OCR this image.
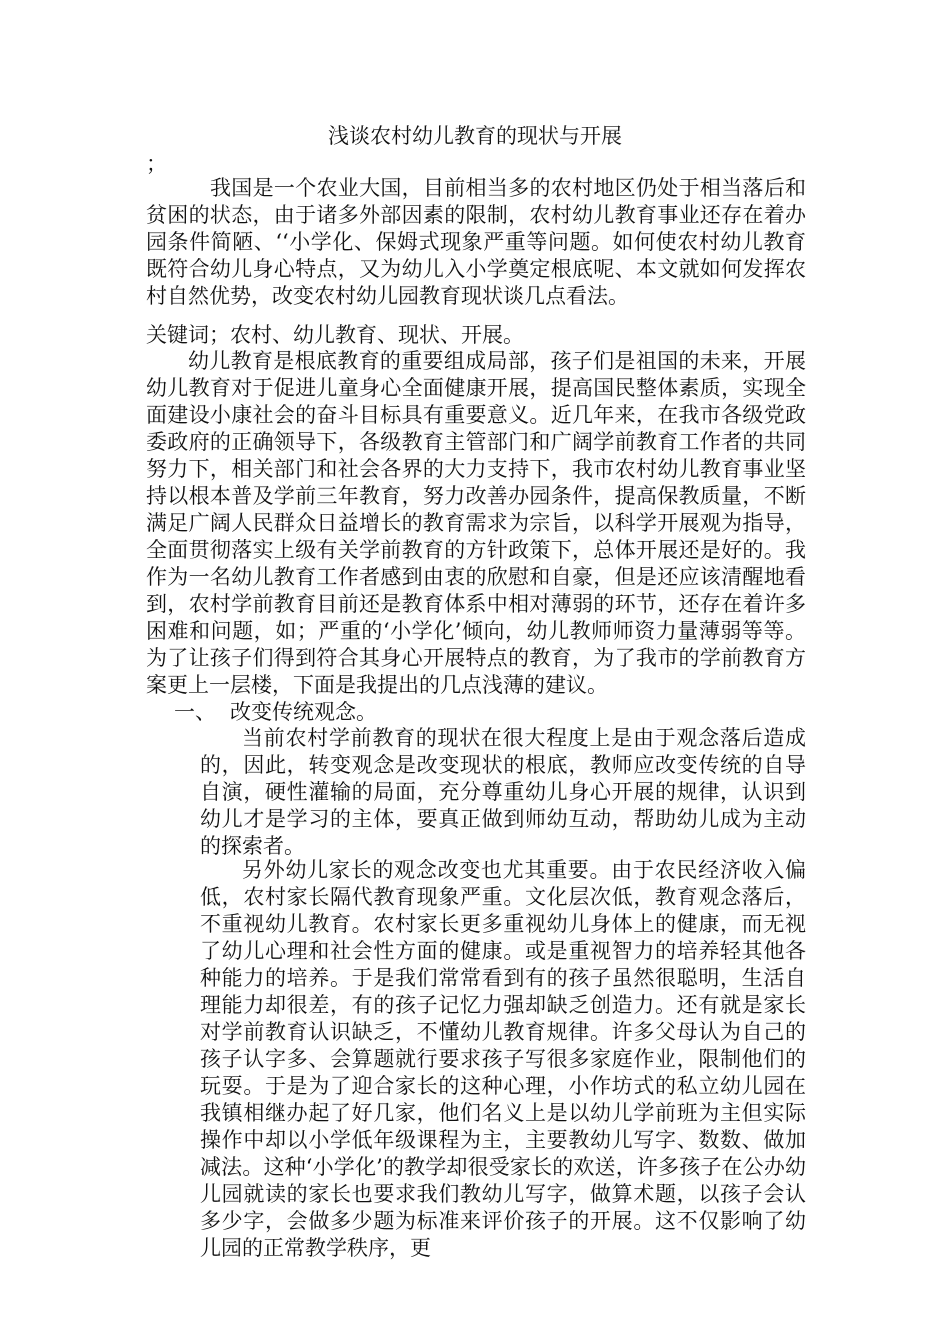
浅谈农村幼儿教育的现状与开展
；
我国是一个农业大国，目前相当多的农村地区仍处于相当落后和贫困的状态，由于诸多外部因素的限制，农村幼儿教育事业还存在着办园条件简陋、‘‘小学化、保姆式现象严重等问题。如何使农村幼儿教育既符合幼儿身心特点，又为幼儿入小学奠定根底呢、本文就如何发挥农村自然优势，改变农村幼儿园教育现状谈几点看法。
关键词；农村、幼儿教育、现状、开展。
幼儿教育是根底教育的重要组成局部，孩子们是祖国的未来，开展幼儿教育对于促进儿童身心全面健康开展，提高国民整体素质，实现全面建设小康社会的奋斗目标具有重要意义。近几年来，在我市各级党政委政府的正确领导下，各级教育主管部门和广阔学前教育工作者的共同努力下，相关部门和社会各界的大力支持下，我市农村幼儿教育事业坚持以根本普及学前三年教育，努力改善办园条件，提高保教质量，不断满足广阔人民群众日益增长的教育需求为宗旨，以科学开展观为指导，全面贯彻落实上级有关学前教育的方针政策下，总体开展还是好的。我作为一名幼儿教育工作者感到由衷的欣慰和自豪，但是还应该清醒地看到，农村学前教育目前还是教育体系中相对薄弱的环节，还存在着许多困难和问题，如；严重的‘小学化’倾向，幼儿教师师资力量薄弱等等。为了让孩子们得到符合其身心开展特点的教育，为了我市的学前教育方案更上一层楼，下面是我提出的几点浅薄的建议。
一、 改变传统观念。
当前农村学前教育的现状在很大程度上是由于观念落后造成的，因此，转变观念是改变现状的根底，教师应改变传统的自导自演，硬性灌输的局面，充分尊重幼儿身心开展的规律，认识到幼儿才是学习的主体，要真正做到师幼互动，帮助幼儿成为主动的探索者。
另外幼儿家长的观念改变也尤其重要。由于农民经济收入偏低，农村家长隔代教育现象严重。文化层次低，教育观念落后，不重视幼儿教育。农村家长更多重视幼儿身体上的健康，而无视了幼儿心理和社会性方面的健康。或是重视智力的培养轻其他各种能力的培养。于是我们常常看到有的孩子虽然很聪明，生活自理能力却很差，有的孩子记忆力强却缺乏创造力。还有就是家长对学前教育认识缺乏，不懂幼儿教育规律。许多父母认为自己的孩子认字多、会算题就行要求孩子写很多家庭作业，限制他们的玩耍。于是为了迎合家长的这种心理，小作坊式的私立幼儿园在我镇相继办起了好几家，他们名义上是以幼儿学前班为主但实际操作中却以小学低年级课程为主，主要教幼儿写字、数数、做加减法。这种‘小学化’的教学却很受家长的欢送，许多孩子在公办幼儿园就读的家长也要求我们教幼儿写字，做算术题，以孩子会认多少字，会做多少题为标准来评价孩子的开展。这不仅影响了幼儿园的正常教学秩序，更
